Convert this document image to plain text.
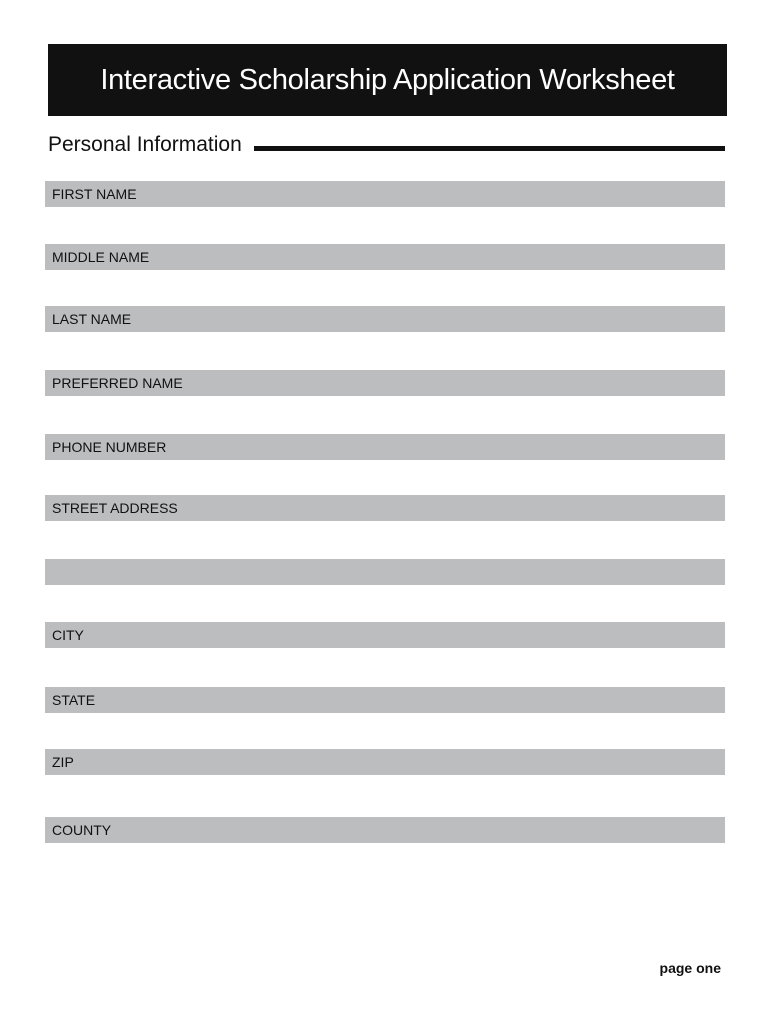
Interactive Scholarship Application Worksheet
Personal Information
FIRST NAME
MIDDLE NAME
LAST NAME
PREFERRED NAME
PHONE NUMBER
STREET ADDRESS
CITY
STATE
ZIP
COUNTY
page one
